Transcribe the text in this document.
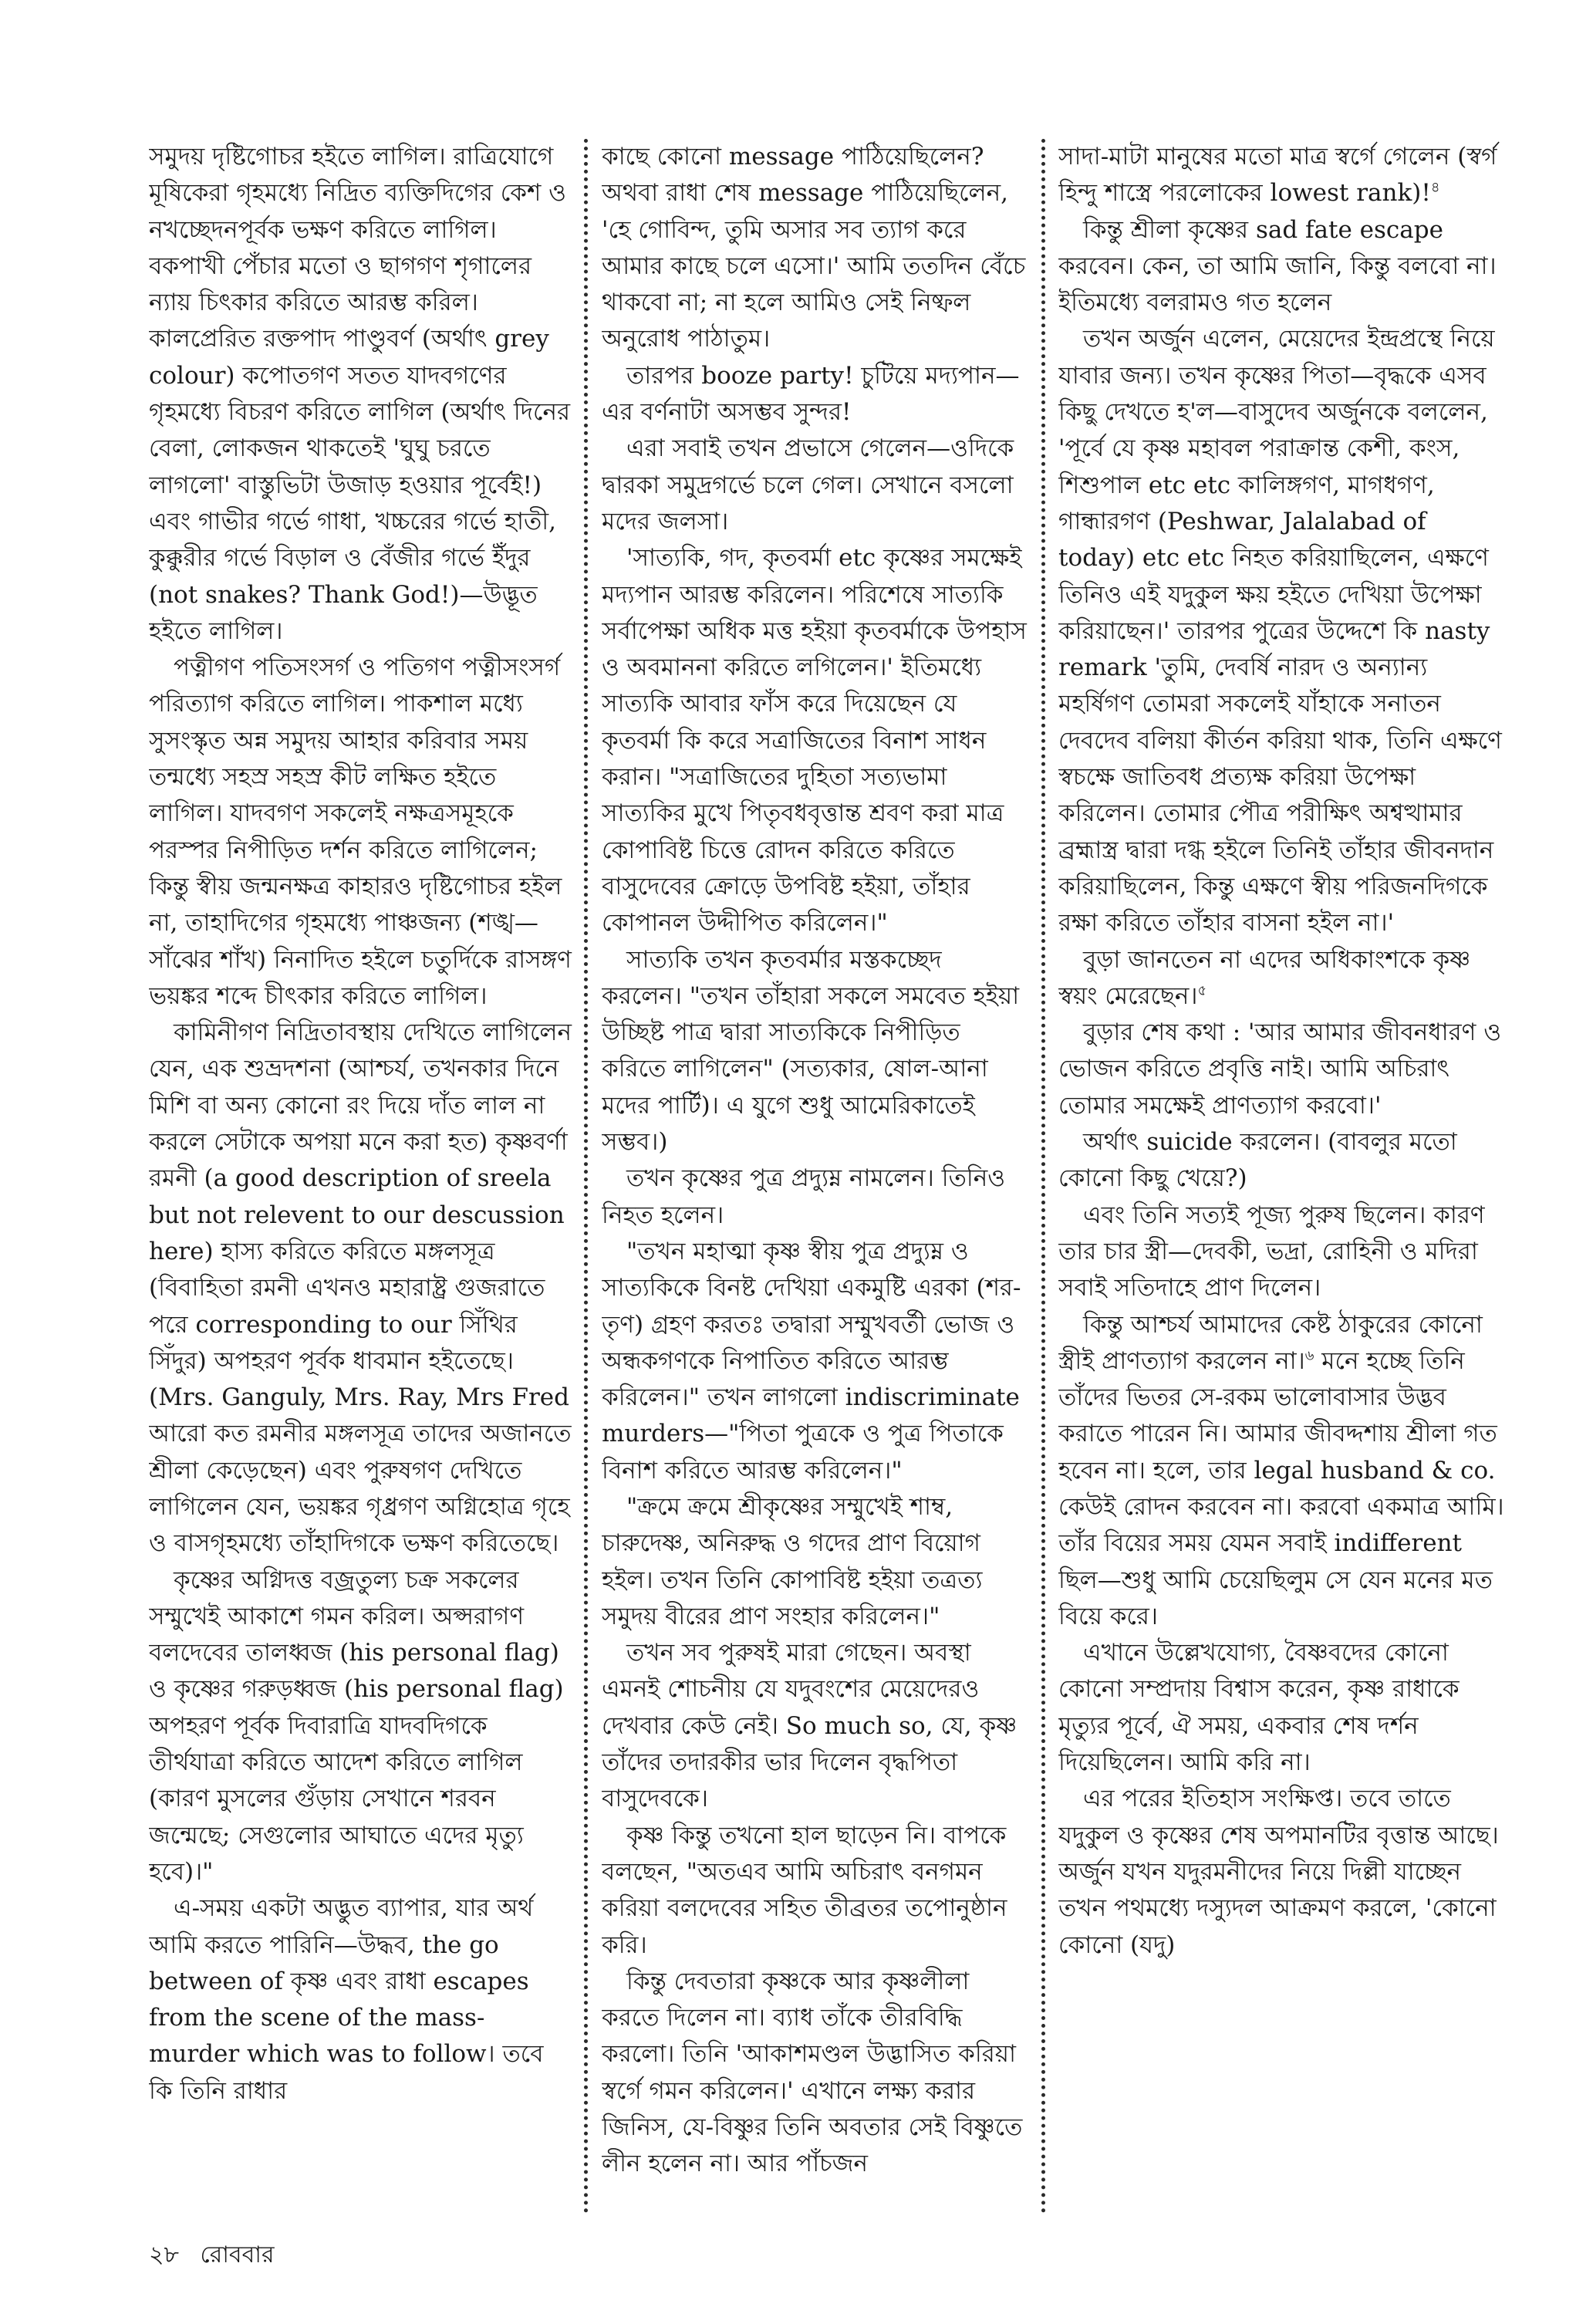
সমুদয় দৃষ্টিগোচর হইতে লাগিল। রাত্রিযোগে মূষিকেরা গৃহমধ্যে নিদ্রিত ব্যক্তিদিগের কেশ ও নখচ্ছেদনপূর্বক ভক্ষণ করিতে লাগিল। বকপাখী পেঁচার মতো ও ছাগগণ শৃগালের ন্যায় চিৎকার করিতে আরম্ভ করিল। কালপ্রেরিত রক্তপাদ পাণ্ডুবর্ণ (অর্থাৎ grey colour) কপোতগণ সতত যাদবগণের গৃহমধ্যে বিচরণ করিতে লাগিল (অর্থাৎ দিনের বেলা, লোকজন থাকতেই 'ঘুঘু চরতে লাগলো' বাস্তুভিটা উজাড় হওয়ার পূর্বেই!) এবং গাভীর গর্ভে গাধা, খচ্চরের গর্ভে হাতী, কুক্কুরীর গর্ভে বিড়াল ও বেঁজীর গর্ভে ইঁদুর (not snakes? Thank God!)—উদ্ভূত হইতে লাগিল।

পত্নীগণ পতিসংসর্গ ও পতিগণ পত্নীসংসর্গ পরিত্যাগ করিতে লাগিল। পাকশাল মধ্যে সুসংস্কৃত অন্ন সমুদয় আহার করিবার সময় তন্মধ্যে সহস্র সহস্র কীট লক্ষিত হইতে লাগিল। যাদবগণ সকলেই নক্ষত্রসমূহকে পরস্পর নিপীড়িত দর্শন করিতে লাগিলেন; কিন্তু স্বীয় জন্মনক্ষত্র কাহারও দৃষ্টিগোচর হইল না, তাহাদিগের গৃহমধ্যে পাঞ্চজন্য (শঙ্খ—সাঁঝের শাঁখ) নিনাদিত হইলে চতুর্দিকে রাসঙ্গণ ভয়ঙ্কর শব্দে চীৎকার করিতে লাগিল।

কামিনীগণ নিদ্রিতাবস্থায় দেখিতে লাগিলেন যেন, এক শুভ্রদশনা (আশ্চর্য, তখনকার দিনে মিশি বা অন্য কোনো রং দিয়ে দাঁত লাল না করলে সেটাকে অপয়া মনে করা হত) কৃষ্ণবর্ণা রমনী (a good description of sreela but not relevent to our descussion here) হাস্য করিতে করিতে মঙ্গলসূত্র (বিবাহিতা রমনী এখনও মহারাষ্ট্র গুজরাতে পরে corresponding to our সিঁথির সিঁদুর) অপহরণ পূর্বক ধাবমান হইতেছে। (Mrs. Ganguly, Mrs. Ray, Mrs Fred আরো কত রমনীর মঙ্গলসূত্র তাদের অজানতে শ্রীলা কেড়েছেন) এবং পুরুষগণ দেখিতে লাগিলেন যেন, ভয়ঙ্কর গৃধ্রগণ অগ্নিহোত্র গৃহে ও বাসগৃহমধ্যে তাঁহাদিগকে ভক্ষণ করিতেছে।

কৃষ্ণের অগ্নিদত্ত বজ্রতুল্য চক্র সকলের সম্মুখেই আকাশে গমন করিল। অপ্সরাগণ বলদেবের তালধ্বজ (his personal flag) ও কৃষ্ণের গরুড়ধ্বজ (his personal flag) অপহরণ পূর্বক দিবারাত্রি যাদবদিগকে তীর্থযাত্রা করিতে আদেশ করিতে লাগিল (কারণ মুসলের গুঁড়ায় সেখানে শরবন জন্মেছে; সেগুলোর আঘাতে এদের মৃত্যু হবে)।"

এ-সময় একটা অদ্ভুত ব্যাপার, যার অর্থ আমি করতে পারিনি—উদ্ধব, the go between of কৃষ্ণ এবং রাধা escapes from the scene of the mass-murder which was to follow। তবে কি তিনি রাধার

কাছে কোনো message পাঠিয়েছিলেন? অথবা রাধা শেষ message পাঠিয়েছিলেন, 'হে গোবিন্দ, তুমি অসার সব ত্যাগ করে আমার কাছে চলে এসো।' আমি ততদিন বেঁচে থাকবো না; না হলে আমিও সেই নিষ্ফল অনুরোধ পাঠাতুম।

তারপর booze party! চুটিয়ে মদ্যপান—এর বর্ণনাটা অসম্ভব সুন্দর!

এরা সবাই তখন প্রভাসে গেলেন—ওদিকে দ্বারকা সমুদ্রগর্ভে চলে গেল। সেখানে বসলো মদের জলসা।

'সাত্যকি, গদ, কৃতবর্মা etc কৃষ্ণের সমক্ষেই মদ্যপান আরম্ভ করিলেন। পরিশেষে সাত্যকি সর্বাপেক্ষা অধিক মত্ত হইয়া কৃতবর্মাকে উপহাস ও অবমাননা করিতে লগিলেন।' ইতিমধ্যে সাত্যকি আবার ফাঁস করে দিয়েছেন যে কৃতবর্মা কি করে সত্রাজিতের বিনাশ সাধন করান। "সত্রাজিতের দুহিতা সত্যভামা সাত্যকির মুখে পিতৃবধবৃত্তান্ত শ্রবণ করা মাত্র কোপাবিষ্ট চিত্তে রোদন করিতে করিতে বাসুদেবের ক্রোড়ে উপবিষ্ট হইয়া, তাঁহার কোপানল উদ্দীপিত করিলেন।"

সাত্যকি তখন কৃতবর্মার মস্তকচ্ছেদ করলেন। "তখন তাঁহারা সকলে সমবেত হইয়া উচ্ছিষ্ট পাত্র দ্বারা সাত্যকিকে নিপীড়িত করিতে লাগিলেন" (সত্যকার, ষোল-আনা মদের পার্টি)। এ যুগে শুধু আমেরিকাতেই সম্ভব।)

তখন কৃষ্ণের পুত্র প্রদ্যুম্ন নামলেন। তিনিও নিহত হলেন।

"তখন মহাত্মা কৃষ্ণ স্বীয় পুত্র প্রদ্যুম্ন ও সাত্যকিকে বিনষ্ট দেখিয়া একমুষ্টি এরকা (শর-তৃণ) গ্রহণ করতঃ তদ্বারা সম্মুখবর্তী ভোজ ও অন্ধকগণকে নিপাতিত করিতে আরম্ভ করিলেন।" তখন লাগলো indiscriminate murders—"পিতা পুত্রকে ও পুত্র পিতাকে বিনাশ করিতে আরম্ভ করিলেন।"

"ক্রমে ক্রমে শ্রীকৃষ্ণের সম্মুখেই শাম্ব, চারুদেষ্ণ, অনিরুদ্ধ ও গদের প্রাণ বিয়োগ হইল। তখন তিনি কোপাবিষ্ট হইয়া তত্রত্য সমুদয় বীরের প্রাণ সংহার করিলেন।"

তখন সব পুরুষই মারা গেছেন। অবস্থা এমনই শোচনীয় যে যদুবংশের মেয়েদেরও দেখবার কেউ নেই। So much so, যে, কৃষ্ণ তাঁদের তদারকীর ভার দিলেন বৃদ্ধপিতা বাসুদেবকে।

কৃষ্ণ কিন্তু তখনো হাল ছাড়েন নি। বাপকে বলছেন, "অতএব আমি অচিরাৎ বনগমন করিয়া বলদেবের সহিত তীব্রতর তপোনুষ্ঠান করি।

কিন্তু দেবতারা কৃষ্ণকে আর কৃষ্ণলীলা করতে দিলেন না। ব্যাধ তাঁকে তীরবিদ্ধি করলো। তিনি 'আকাশমণ্ডল উদ্ভাসিত করিয়া স্বর্গে গমন করিলেন।' এখানে লক্ষ্য করার জিনিস, যে-বিষ্ণুর তিনি অবতার সেই বিষ্ণুতে লীন হলেন না। আর পাঁচজন

সাদা-মাটা মানুষের মতো মাত্র স্বর্গে গেলেন (স্বর্গ হিন্দু শাস্ত্রে পরলোকের lowest rank)!$^৪$

কিন্তু শ্রীলা কৃষ্ণের sad fate escape করবেন। কেন, তা আমি জানি, কিন্তু বলবো না। ইতিমধ্যে বলরামও গত হলেন

তখন অর্জুন এলেন, মেয়েদের ইন্দ্রপ্রস্থে নিয়ে যাবার জন্য। তখন কৃষ্ণের পিতা—বৃদ্ধকে এসব কিছু দেখতে হ'ল—বাসুদেব অর্জুনকে বললেন, 'পূর্বে যে কৃষ্ণ মহাবল পরাক্রান্ত কেশী, কংস, শিশুপাল etc etc কালিঙ্গগণ, মাগধগণ, গান্ধারগণ (Peshwar, Jalalabad of today) etc etc নিহত করিয়াছিলেন, এক্ষণে তিনিও এই যদুকুল ক্ষয় হইতে দেখিয়া উপেক্ষা করিয়াছেন।' তারপর পুত্রের উদ্দেশে কি nasty remark 'তুমি, দেবর্ষি নারদ ও অন্যান্য মহর্ষিগণ তোমরা সকলেই যাঁহাকে সনাতন দেবদেব বলিয়া কীর্তন করিয়া থাক, তিনি এক্ষণে স্বচক্ষে জাতিবধ প্রত্যক্ষ করিয়া উপেক্ষা করিলেন। তোমার পৌত্র পরীক্ষিৎ অশ্বত্থামার ব্রহ্মাস্ত্র দ্বারা দগ্ধ হইলে তিনিই তাঁহার জীবনদান করিয়াছিলেন, কিন্তু এক্ষণে স্বীয় পরিজনদিগকে রক্ষা করিতে তাঁহার বাসনা হইল না।'

বুড়া জানতেন না এদের অধিকাংশকে কৃষ্ণ স্বয়ং মেরেছেন।$^৫$

বুড়ার শেষ কথা : 'আর আমার জীবনধারণ ও ভোজন করিতে প্রবৃত্তি নাই। আমি অচিরাৎ তোমার সমক্ষেই প্রাণত্যাগ করবো।'

অর্থাৎ suicide করলেন। (বাবলুর মতো কোনো কিছু খেয়ে?)

এবং তিনি সত্যই পূজ্য পুরুষ ছিলেন। কারণ তার চার স্ত্রী—দেবকী, ভদ্রা, রোহিনী ও মদিরা সবাই সতিদাহে প্রাণ দিলেন।

কিন্তু আশ্চর্য আমাদের কেষ্ট ঠাকুরের কোনো স্ত্রীই প্রাণত্যাগ করলেন না।$^৬$ মনে হচ্ছে তিনি তাঁদের ভিতর সে-রকম ভালোবাসার উদ্ভব করাতে পারেন নি। আমার জীবদ্দশায় শ্রীলা গত হবেন না। হলে, তার legal husband & co. কেউই রোদন করবেন না। করবো একমাত্র আমি। তাঁর বিয়ের সময় যেমন সবাই indifferent ছিল—শুধু আমি চেয়েছিলুম সে যেন মনের মত বিয়ে করে।

এখানে উল্লেখযোগ্য, বৈষ্ণবদের কোনো কোনো সম্প্রদায় বিশ্বাস করেন, কৃষ্ণ রাধাকে মৃত্যুর পূর্বে, ঐ সময়, একবার শেষ দর্শন দিয়েছিলেন। আমি করি না।

এর পরের ইতিহাস সংক্ষিপ্ত। তবে তাতে যদুকুল ও কৃষ্ণের শেষ অপমানটির বৃত্তান্ত আছে। অর্জুন যখন যদুরমনীদের নিয়ে দিল্লী যাচ্ছেন তখন পথমধ্যে দস্যুদল আক্রমণ করলে, 'কোনো কোনো (যদু)

২৮ রোববার
